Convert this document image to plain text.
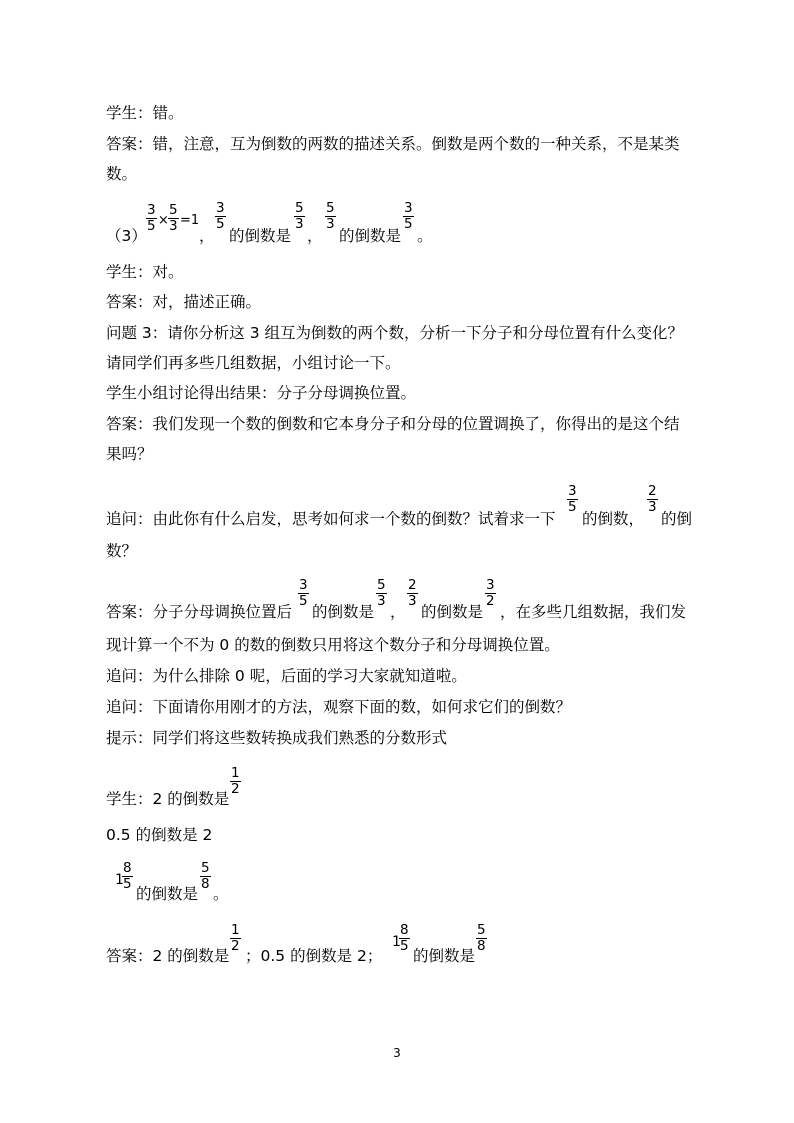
学生：错。
答案：错，注意，互为倒数的两数的描述关系。倒数是两个数的一种关系，不是某类
数。
（3）
$\frac{3}{5} \times \frac{5}{3} =1$
，
$\frac{3}{5}$
的倒数是
$\frac{5}{3}$
，
$\frac{5}{3}$
的倒数是
$\frac{3}{5}$
。
学生：对。
答案：对，描述正确。
问题 3：请你分析这 3 组互为倒数的两个数，分析一下分子和分母位置有什么变化？
请同学们再多些几组数据，小组讨论一下。
学生小组讨论得出结果：分子分母调换位置。
答案：我们发现一个数的倒数和它本身分子和分母的位置调换了，你得出的是这个结
果吗？
追问：由此你有什么启发，思考如何求一个数的倒数？试着求一下
$\frac{3}{5}$
的倒数，
$\frac{2}{3}$
的倒
数？
答案：分子分母调换位置后
$\frac{3}{5}$
的倒数是
$\frac{5}{3}$
，
$\frac{2}{3}$
的倒数是
$\frac{3}{2}$
，在多些几组数据，我们发
现计算一个不为 0 的数的倒数只用将这个数分子和分母调换位置。
追问：为什么排除 0 呢，后面的学习大家就知道啦。
追问：下面请你用刚才的方法，观察下面的数，如何求它们的倒数？
提示：同学们将这些数转换成我们熟悉的分数形式
学生：2 的倒数是
$\frac{1}{2}$
0.5 的倒数是 2
1
$\frac{8}{5}$
的倒数是
$\frac{5}{8}$
。
答案：2 的倒数是
$\frac{1}{2}$
；0.5 的倒数是 2；
1
$\frac{8}{5}$
的倒数是
$\frac{5}{8}$
3
